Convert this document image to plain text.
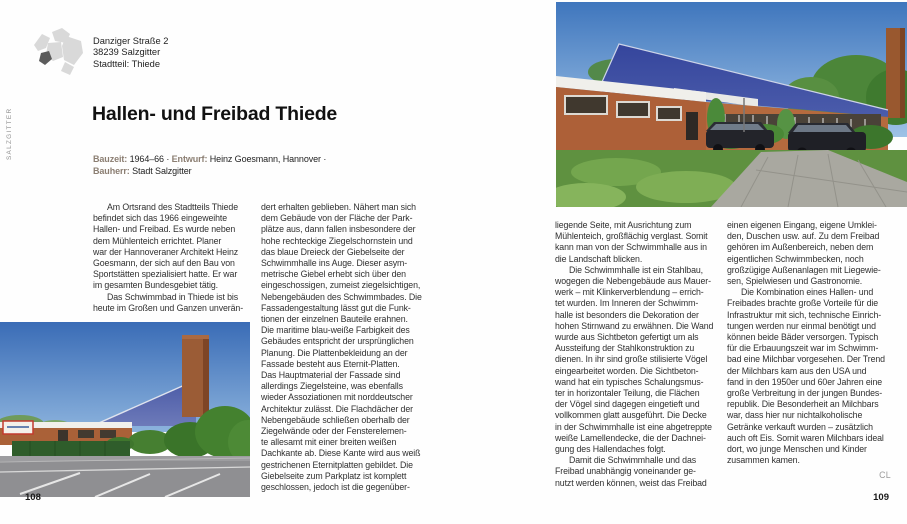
SALZGITTER
Danziger Straße 2
38239 Salzgitter
Stadtteil: Thiede
Hallen- und Freibad Thiede
Bauzeit: 1964–66 · Entwurf: Heinz Goesmann, Hannover ·
Bauherr: Stadt Salzgitter
Am Ortsrand des Stadtteils Thiede
befindet sich das 1966 eingeweihte
Hallen- und Freibad. Es wurde neben
dem Mühlenteich errichtet. Planer
war der Hannoveraner Architekt Heinz
Goesmann, der sich auf den Bau von
Sportstätten spezialisiert hatte. Er war
im gesamten Bundesgebiet tätig.
Das Schwimmbad in Thiede ist bis
heute im Großen und Ganzen unverän-
dert erhalten geblieben. Nähert man sich
dem Gebäude von der Fläche der Park-
plätze aus, dann fallen insbesondere der
hohe rechteckige Ziegelschornstein und
das blaue Dreieck der Giebelseite der
Schwimmhalle ins Auge. Dieser asym-
metrische Giebel erhebt sich über den
eingeschossigen, zumeist ziegelsichtigen,
Nebengebäuden des Schwimmbades. Die
Fassadengestaltung lässt gut die Funk-
tionen der einzelnen Bauteile erahnen.
Die maritime blau-weiße Farbigkeit des
Gebäudes entspricht der ursprünglichen
Planung. Die Plattenbekleidung an der
Fassade besteht aus Eternit-Platten.
Das Hauptmaterial der Fassade sind
allerdings Ziegelsteine, was ebenfalls
wieder Assoziationen mit norddeutscher
Architektur zulässt. Die Flachdächer der
Nebengebäude schließen oberhalb der
Ziegelwände oder der Fensterelemen-
te allesamt mit einer breiten weißen
Dachkante ab. Diese Kante wird aus weiß
gestrichenen Eternitplatten gebildet. Die
Giebelseite zum Parkplatz ist komplett
geschlossen, jedoch ist die gegenüber-
108
liegende Seite, mit Ausrichtung zum
Mühlenteich, großflächig verglast. Somit
kann man von der Schwimmhalle aus in
die Landschaft blicken.
Die Schwimmhalle ist ein Stahlbau,
wogegen die Nebengebäude aus Mauer-
werk – mit Klinkerverblendung – errich-
tet wurden. Im Inneren der Schwimm-
halle ist besonders die Dekoration der
hohen Stirnwand zu erwähnen. Die Wand
wurde aus Sichtbeton gefertigt um als
Aussteifung der Stahlkonstruktion zu
dienen. In ihr sind große stilisierte Vögel
eingearbeitet worden. Die Sichtbeton-
wand hat ein typisches Schalungsmus-
ter in horizontaler Teilung, die Flächen
der Vögel sind dagegen eingetieft und
vollkommen glatt ausgeführt. Die Decke
in der Schwimmhalle ist eine abgetreppte
weiße Lamellendecke, die der Dachnei-
gung des Hallendaches folgt.
Damit die Schwimmhalle und das
Freibad unabhängig voneinander ge-
nutzt werden können, weist das Freibad
einen eigenen Eingang, eigene Umklei-
den, Duschen usw. auf. Zu dem Freibad
gehören im Außenbereich, neben dem
eigentlichen Schwimmbecken, noch
großzügige Außenanlagen mit Liegewie-
sen, Spielwiesen und Gastronomie.
Die Kombination eines Hallen- und
Freibades brachte große Vorteile für die
Infrastruktur mit sich, technische Einrich-
tungen werden nur einmal benötigt und
können beide Bäder versorgen. Typisch
für die Erbauungszeit war im Schwimm-
bad eine Milchbar vorgesehen. Der Trend
der Milchbars kam aus den USA und
fand in den 1950er und 60er Jahren eine
große Verbreitung in der jungen Bundes-
republik. Die Besonderheit an Milchbars
war, dass hier nur nichtalkoholische
Getränke verkauft wurden – zusätzlich
auch oft Eis. Somit waren Milchbars ideal
dort, wo junge Menschen und Kinder
zusammen kamen.
CL
109
